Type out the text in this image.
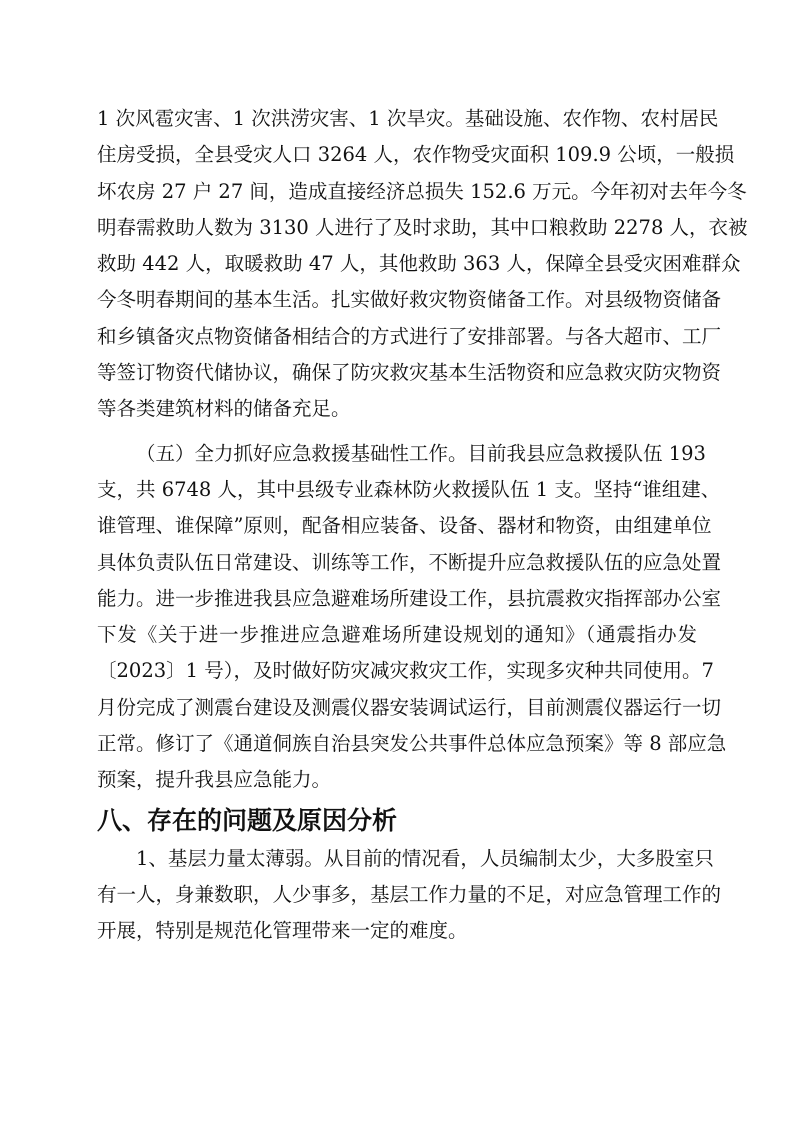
1 次风雹灾害、1 次洪涝灾害、1 次旱灾。基础设施、农作物、农村居民
住房受损，全县受灾人口 3264 人，农作物受灾面积 109.9 公顷，一般损
坏农房 27 户 27 间，造成直接经济总损失 152.6 万元。今年初对去年今冬
明春需救助人数为 3130 人进行了及时求助，其中口粮救助 2278 人，衣被
救助 442 人，取暖救助 47 人，其他救助 363 人，保障全县受灾困难群众
今冬明春期间的基本生活。扎实做好救灾物资储备工作。对县级物资储备
和乡镇备灾点物资储备相结合的方式进行了安排部署。与各大超市、工厂
等签订物资代储协议，确保了防灾救灾基本生活物资和应急救灾防灾物资
等各类建筑材料的储备充足。
（五）全力抓好应急救援基础性工作。目前我县应急救援队伍 193
支，共 6748 人，其中县级专业森林防火救援队伍 1 支。坚持“谁组建、
谁管理、谁保障”原则，配备相应装备、设备、器材和物资，由组建单位
具体负责队伍日常建设、训练等工作，不断提升应急救援队伍的应急处置
能力。进一步推进我县应急避难场所建设工作，县抗震救灾指挥部办公室
下发《关于进一步推进应急避难场所建设规划的通知》（通震指办发
〔2023〕1 号），及时做好防灾减灾救灾工作，实现多灾种共同使用。7
月份完成了测震台建设及测震仪器安装调试运行，目前测震仪器运行一切
正常。修订了《通道侗族自治县突发公共事件总体应急预案》等 8 部应急
预案，提升我县应急能力。
八、存在的问题及原因分析
1、基层力量太薄弱。从目前的情况看，人员编制太少，大多股室只
有一人，身兼数职，人少事多，基层工作力量的不足，对应急管理工作的
开展，特别是规范化管理带来一定的难度。
